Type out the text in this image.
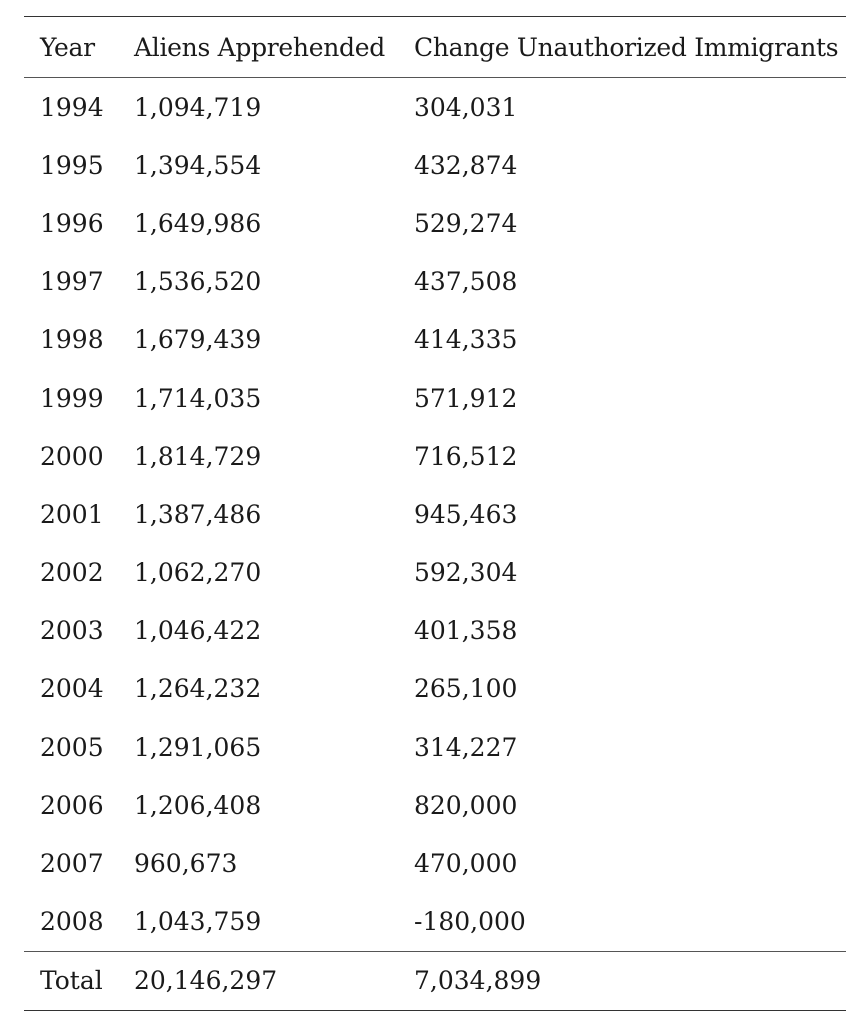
Year	Aliens Apprehended	Change Unauthorized Immigrants
1994	1,094,719	304,031
1995	1,394,554	432,874
1996	1,649,986	529,274
1997	1,536,520	437,508
1998	1,679,439	414,335
1999	1,714,035	571,912
2000	1,814,729	716,512
2001	1,387,486	945,463
2002	1,062,270	592,304
2003	1,046,422	401,358
2004	1,264,232	265,100
2005	1,291,065	314,227
2006	1,206,408	820,000
2007	960,673	470,000
2008	1,043,759	-180,000
Total	20,146,297	7,034,899
